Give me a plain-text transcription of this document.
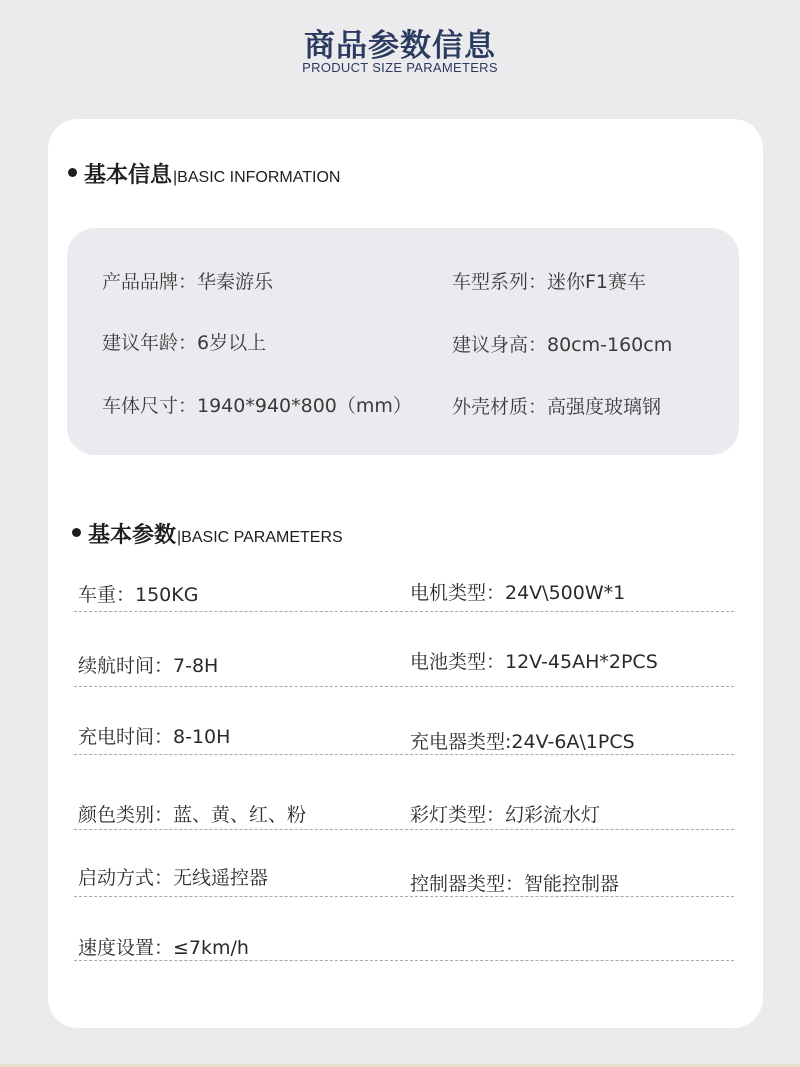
商品参数信息
PRODUCT SIZE PARAMETERS
基本信息 |BASIC INFORMATION
产品品牌：华秦游乐	车型系列：迷你F1赛车
建议年龄：6岁以上	建议身高：80cm-160cm
车体尺寸：1940*940*800（mm） 外壳材质：高强度玻璃钢
基本参数 |BASIC PARAMETERS
车重：150KG	电机类型：24V\500W*1
续航时间：7-8H	电池类型：12V-45AH*2PCS
充电时间：8-10H	充电器类型:24V-6A\1PCS
颜色类别：蓝、黄、红、粉	彩灯类型：幻彩流水灯
启动方式：无线遥控器	控制器类型：智能控制器
速度设置：≤7km/h
